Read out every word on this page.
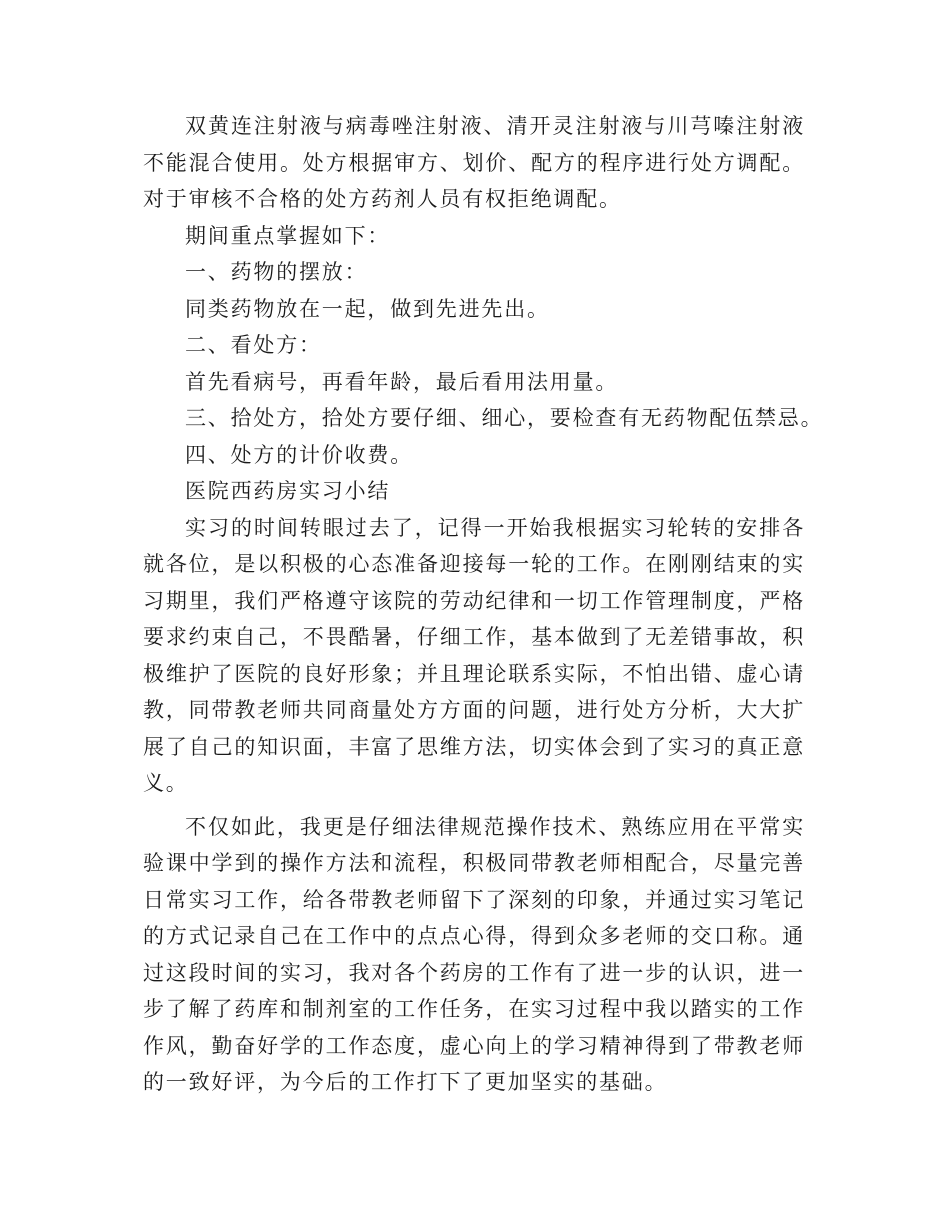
双黄连注射液与病毒唑注射液、清开灵注射液与川芎嗪注射液不能混合使用。处方根据审方、划价、配方的程序进行处方调配。对于审核不合格的处方药剂人员有权拒绝调配。

期间重点掌握如下：

一、药物的摆放：

同类药物放在一起，做到先进先出。

二、看处方：

首先看病号，再看年龄，最后看用法用量。

三、拾处方，拾处方要仔细、细心，要检查有无药物配伍禁忌。

四、处方的计价收费。

医院西药房实习小结

实习的时间转眼过去了，记得一开始我根据实习轮转的安排各就各位，是以积极的心态准备迎接每一轮的工作。在刚刚结束的实习期里，我们严格遵守该院的劳动纪律和一切工作管理制度，严格要求约束自己，不畏酷暑，仔细工作，基本做到了无差错事故，积极维护了医院的良好形象；并且理论联系实际，不怕出错、虚心请教，同带教老师共同商量处方方面的问题，进行处方分析，大大扩展了自己的知识面，丰富了思维方法，切实体会到了实习的真正意义。

不仅如此，我更是仔细法律规范操作技术、熟练应用在平常实验课中学到的操作方法和流程，积极同带教老师相配合，尽量完善日常实习工作，给各带教老师留下了深刻的印象，并通过实习笔记的方式记录自己在工作中的点点心得，得到众多老师的交口称。通过这段时间的实习，我对各个药房的工作有了进一步的认识，进一步了解了药库和制剂室的工作任务，在实习过程中我以踏实的工作作风，勤奋好学的工作态度，虚心向上的学习精神得到了带教老师的一致好评，为今后的工作打下了更加坚实的基础。
